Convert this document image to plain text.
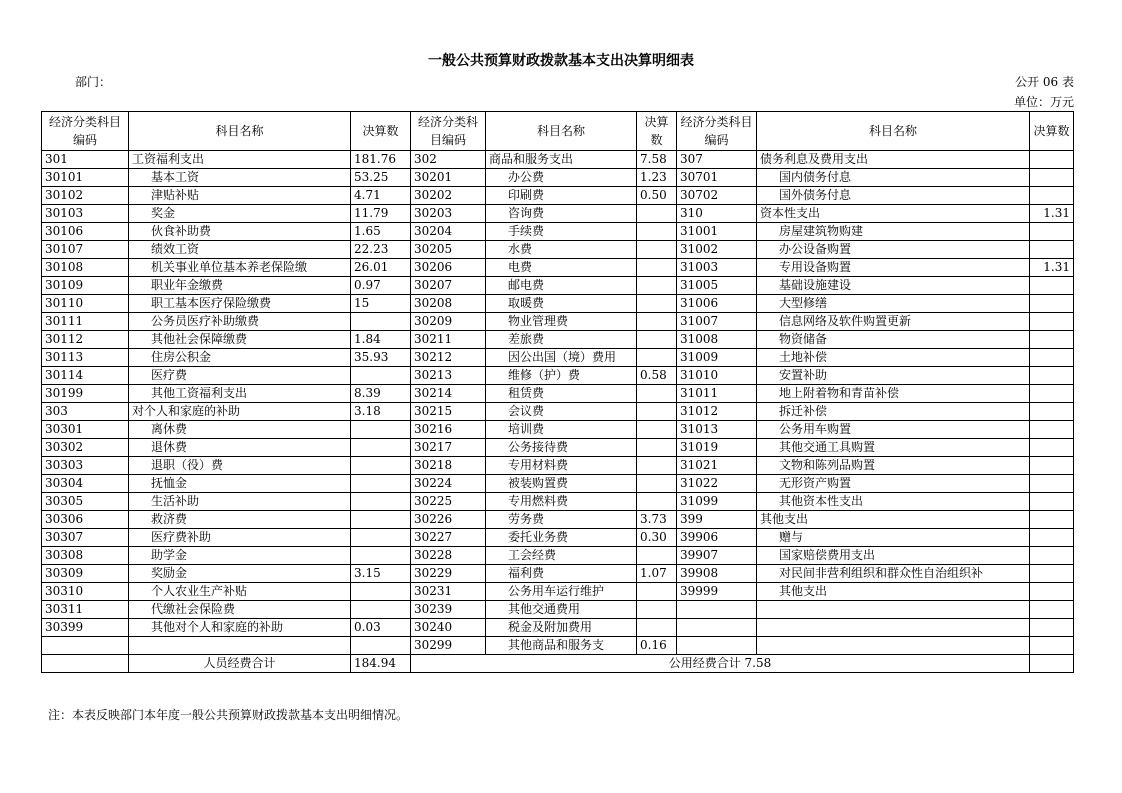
一般公共预算财政拨款基本支出决算明细表
部门：	公开 06 表
单位：万元
经济分类科目编码	科目名称	决算数	经济分类科目编码	科目名称	决算数	经济分类科目编码	科目名称	决算数
301	工资福利支出	181.76	302	商品和服务支出	7.58	307	债务利息及费用支出	
30101	基本工资	53.25	30201	办公费	1.23	30701	国内债务付息	
30102	津贴补贴	4.71	30202	印刷费	0.50	30702	国外债务付息	
30103	奖金	11.79	30203	咨询费		310	资本性支出	1.31
30106	伙食补助费	1.65	30204	手续费		31001	房屋建筑物购建	
30107	绩效工资	22.23	30205	水费		31002	办公设备购置	
30108	机关事业单位基本养老保险缴	26.01	30206	电费		31003	专用设备购置	1.31
30109	职业年金缴费	0.97	30207	邮电费		31005	基础设施建设	
30110	职工基本医疗保险缴费	15	30208	取暖费		31006	大型修缮	
30111	公务员医疗补助缴费		30209	物业管理费		31007	信息网络及软件购置更新	
30112	其他社会保障缴费	1.84	30211	差旅费		31008	物资储备	
30113	住房公积金	35.93	30212	因公出国（境）费用		31009	土地补偿	
30114	医疗费		30213	维修（护）费	0.58	31010	安置补助	
30199	其他工资福利支出	8.39	30214	租赁费		31011	地上附着物和青苗补偿	
303	对个人和家庭的补助	3.18	30215	会议费		31012	拆迁补偿	
30301	离休费		30216	培训费		31013	公务用车购置	
30302	退休费		30217	公务接待费		31019	其他交通工具购置	
30303	退职（役）费		30218	专用材料费		31021	文物和陈列品购置	
30304	抚恤金		30224	被装购置费		31022	无形资产购置	
30305	生活补助		30225	专用燃料费		31099	其他资本性支出	
30306	救济费		30226	劳务费	3.73	399	其他支出	
30307	医疗费补助		30227	委托业务费	0.30	39906	赠与	
30308	助学金		30228	工会经费		39907	国家赔偿费用支出	
30309	奖励金	3.15	30229	福利费	1.07	39908	对民间非营利组织和群众性自治组织补	
30310	个人农业生产补贴		30231	公务用车运行维护		39999	其他支出	
30311	代缴社会保险费		30239	其他交通费用				
30399	其他对个人和家庭的补助	0.03	30240	税金及附加费用				
			30299	其他商品和服务支	0.16			
	人员经费合计	184.94	公用经费合计 7.58					
注：本表反映部门本年度一般公共预算财政拨款基本支出明细情况。
